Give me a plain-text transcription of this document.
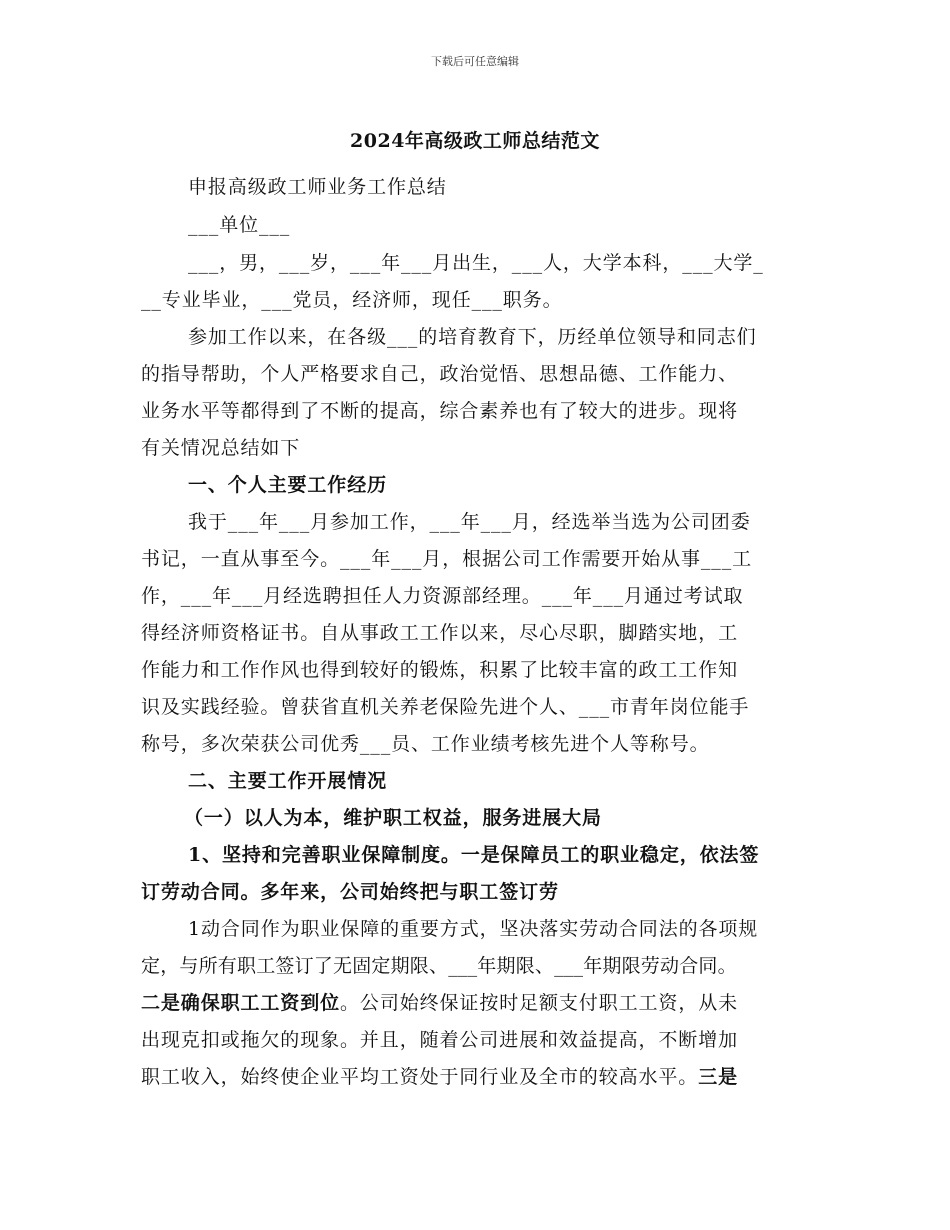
下载后可任意编辑
2024年高级政工师总结范文
申报高级政工师业务工作总结
___单位___
___，男，___岁，___年___月出生，___人，大学本科，___大学_
__专业毕业，___党员，经济师，现任___职务。
参加工作以来，在各级___的培育教育下，历经单位领导和同志们
的指导帮助，个人严格要求自己，政治觉悟、思想品德、工作能力、
业务水平等都得到了不断的提高，综合素养也有了较大的进步。现将
有关情况总结如下
一、个人主要工作经历
我于___年___月参加工作，___年___月，经选举当选为公司团委
书记，一直从事至今。___年___月，根据公司工作需要开始从事___工
作，___年___月经选聘担任人力资源部经理。___年___月通过考试取
得经济师资格证书。自从事政工工作以来，尽心尽职，脚踏实地，工
作能力和工作作风也得到较好的锻炼，积累了比较丰富的政工工作知
识及实践经验。曾获省直机关养老保险先进个人、___市青年岗位能手
称号，多次荣获公司优秀___员、工作业绩考核先进个人等称号。
二、主要工作开展情况
（一）以人为本，维护职工权益，服务进展大局
1、坚持和完善职业保障制度。一是保障员工的职业稳定，依法签
订劳动合同。多年来，公司始终把与职工签订劳
1动合同作为职业保障的重要方式，坚决落实劳动合同法的各项规
定，与所有职工签订了无固定期限、___年期限、___年期限劳动合同。
二是确保职工工资到位。公司始终保证按时足额支付职工工资，从未
出现克扣或拖欠的现象。并且，随着公司进展和效益提高，不断增加
职工收入，始终使企业平均工资处于同行业及全市的较高水平。三是
